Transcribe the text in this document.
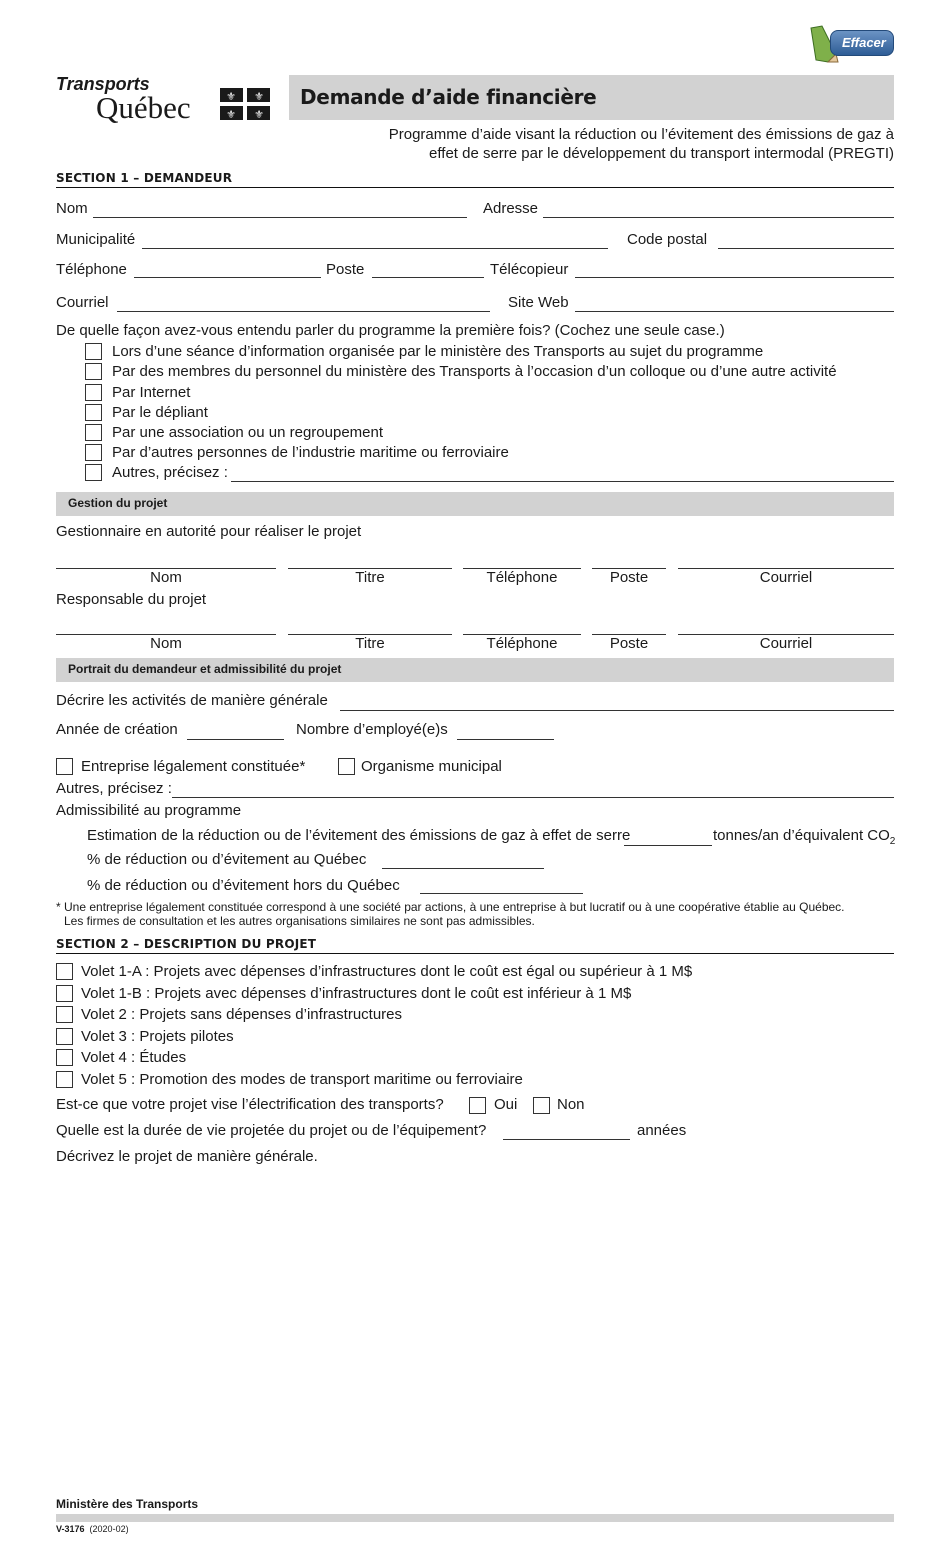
Effacer
Transports
Québec	⚜ ⚜
⚜ ⚜
Demande d’aide financière
Programme d’aide visant la réduction ou l’évitement des émissions de gaz à
effet de serre par le développement du transport intermodal (PREGTI)
SECTION 1 – DEMANDEUR
Nom	Adresse
Municipalité	Code postal
Téléphone	Poste	Télécopieur
Courriel	Site Web
De quelle façon avez-vous entendu parler du programme la première fois? (Cochez une seule case.)
Lors d’une séance d’information organisée par le ministère des Transports au sujet du programme
Par des membres du personnel du ministère des Transports à l’occasion d’un colloque ou d’une autre activité
Par Internet
Par le dépliant
Par une association ou un regroupement
Par d’autres personnes de l’industrie maritime ou ferroviaire
Autres, précisez :
Gestion du projet
Gestionnaire en autorité pour réaliser le projet
Nom	Titre	Téléphone	Poste	Courriel
Responsable du projet
Nom	Titre	Téléphone	Poste	Courriel
Portrait du demandeur et admissibilité du projet
Décrire les activités de manière générale
Année de création	Nombre d’employé(e)s
Entreprise légalement constituée*	Organisme municipal
Autres, précisez :
Admissibilité au programme
Estimation de la réduction ou de l’évitement des émissions de gaz à effet de serre	tonnes/an d’équivalent $CO_2$
% de réduction ou d’évitement au Québec
% de réduction ou d’évitement hors du Québec
* Une entreprise légalement constituée correspond à une société par actions, à une entreprise à but lucratif ou à une coopérative établie au Québec.
Les firmes de consultation et les autres organisations similaires ne sont pas admissibles.
SECTION 2 – DESCRIPTION DU PROJET
Volet 1-A : Projets avec dépenses d’infrastructures dont le coût est égal ou supérieur à 1 M$
Volet 1-B : Projets avec dépenses d’infrastructures dont le coût est inférieur à 1 M$
Volet 2 : Projets sans dépenses d’infrastructures
Volet 3 : Projets pilotes
Volet 4 : Études
Volet 5 : Promotion des modes de transport maritime ou ferroviaire
Est-ce que votre projet vise l’électrification des transports?	Oui	Non
Quelle est la durée de vie projetée du projet ou de l’équipement?	années
Décrivez le projet de manière générale.
Ministère des Transports
V-3176 (2020-02)
